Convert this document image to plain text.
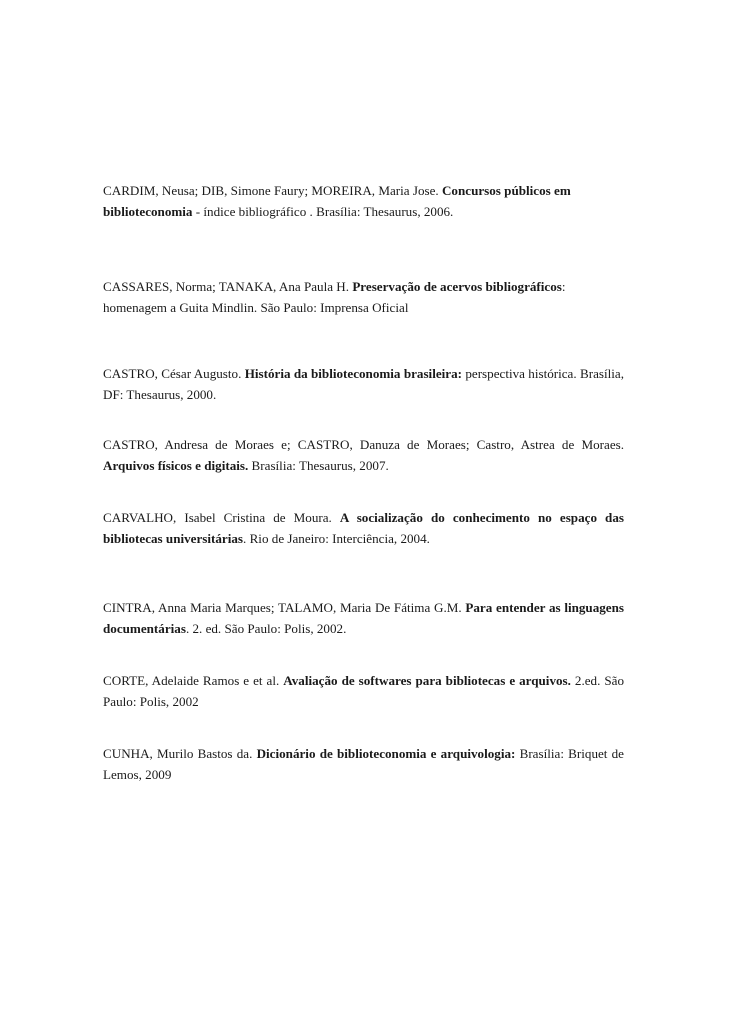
CARDIM, Neusa; DIB, Simone Faury; MOREIRA, Maria Jose. Concursos públicos em biblioteconomia - índice bibliográfico . Brasília: Thesaurus, 2006.

CASSARES, Norma; TANAKA, Ana Paula H. Preservação de acervos bibliográficos: homenagem a Guita Mindlin. São Paulo: Imprensa Oficial

CASTRO, César Augusto. História da biblioteconomia brasileira: perspectiva histórica. Brasília, DF: Thesaurus, 2000.

CASTRO, Andresa de Moraes e; CASTRO, Danuza de Moraes; Castro, Astrea de Moraes. Arquivos físicos e digitais. Brasília: Thesaurus, 2007.

CARVALHO, Isabel Cristina de Moura. A socialização do conhecimento no espaço das bibliotecas universitárias. Rio de Janeiro: Interciência, 2004.

CINTRA, Anna Maria Marques; TALAMO, Maria De Fátima G.M. Para entender as linguagens documentárias. 2. ed. São Paulo: Polis, 2002.

CORTE, Adelaide Ramos e et al. Avaliação de softwares para bibliotecas e arquivos. 2.ed. São Paulo: Polis, 2002

CUNHA, Murilo Bastos da. Dicionário de biblioteconomia e arquivologia: Brasília: Briquet de Lemos, 2009
